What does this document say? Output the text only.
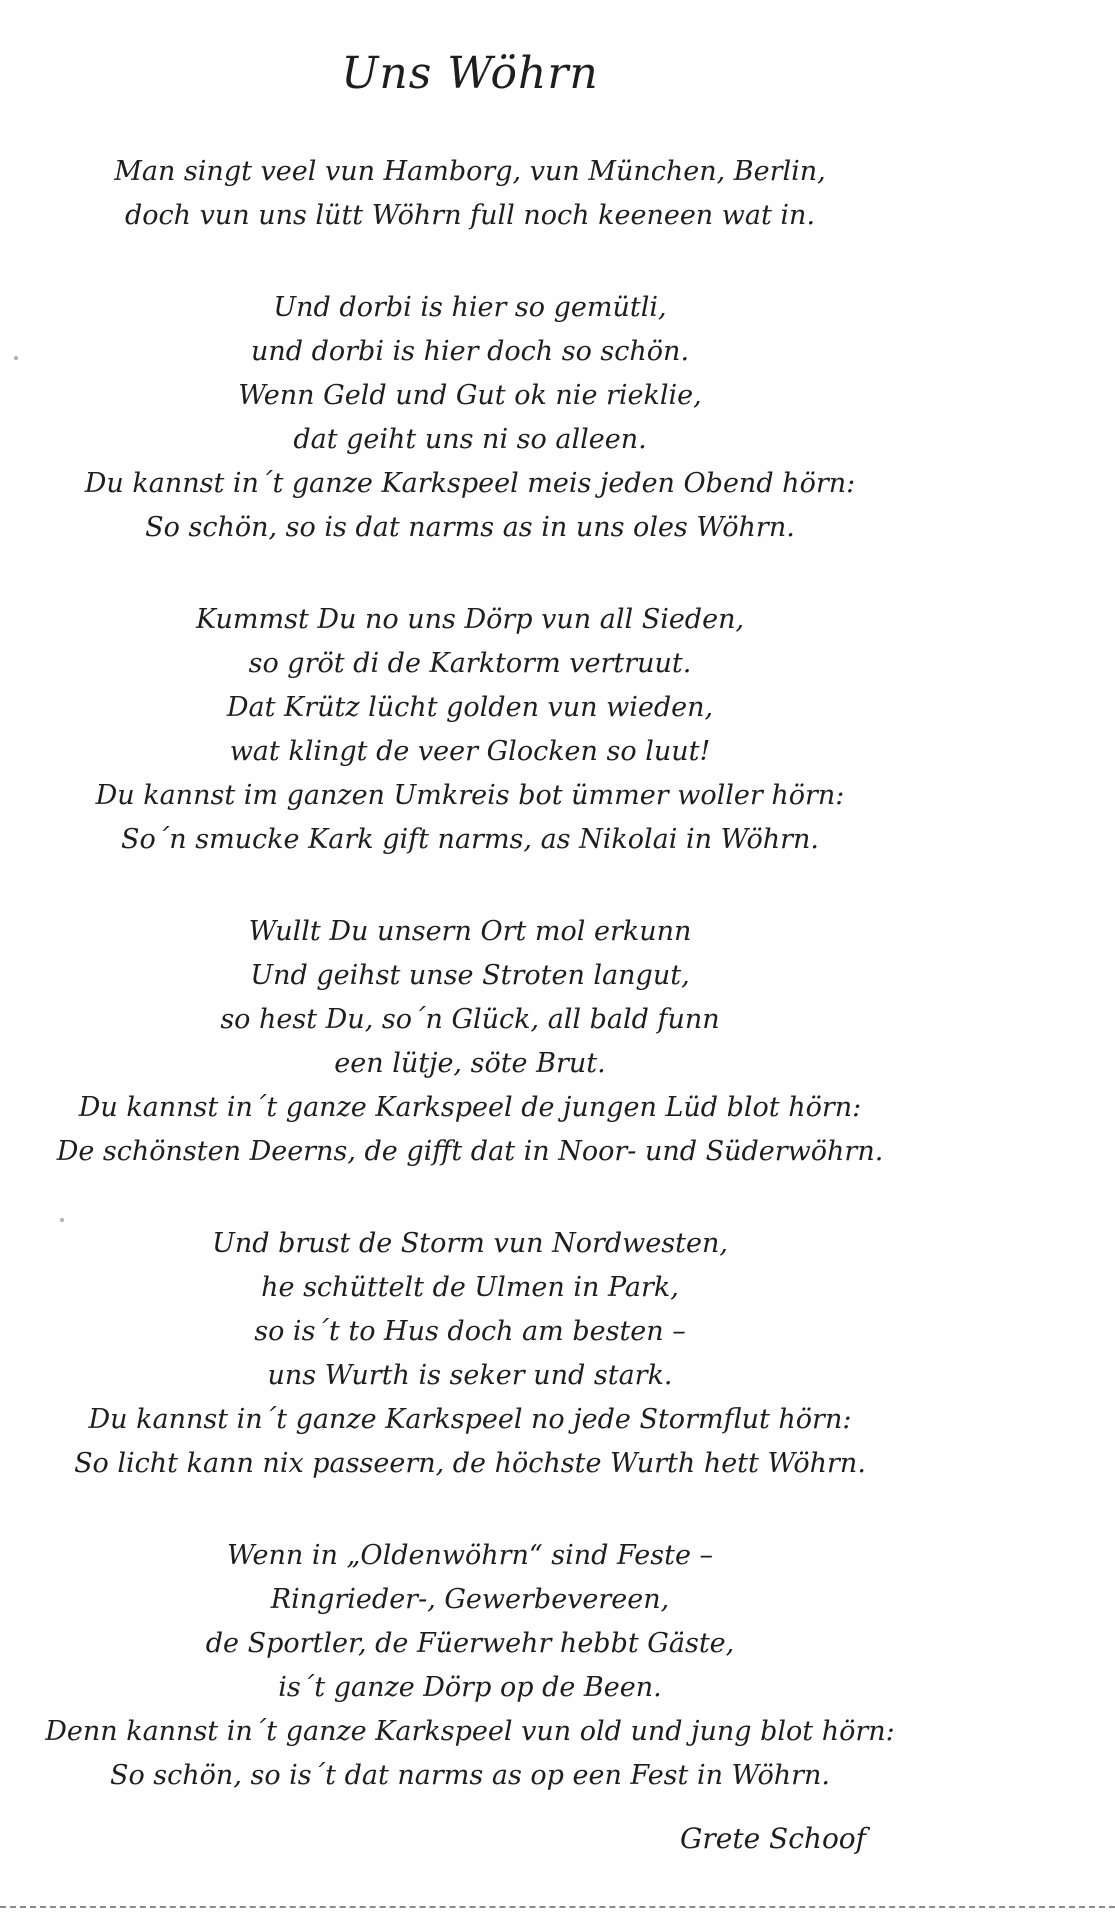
Uns Wöhrn
Man singt veel vun Hamborg, vun München, Berlin,
doch vun uns lütt Wöhrn full noch keeneen wat in.
Und dorbi is hier so gemütli,
und dorbi is hier doch so schön.
Wenn Geld und Gut ok nie rieklie,
dat geiht uns ni so alleen.
Du kannst in´t ganze Karkspeel meis jeden Obend hörn:
So schön, so is dat narms as in uns oles Wöhrn.
Kummst Du no uns Dörp vun all Sieden,
so gröt di de Karktorm vertruut.
Dat Krütz lücht golden vun wieden,
wat klingt de veer Glocken so luut!
Du kannst im ganzen Umkreis bot ümmer woller hörn:
So´n smucke Kark gift narms, as Nikolai in Wöhrn.
Wullt Du unsern Ort mol erkunn
Und geihst unse Stroten langut,
so hest Du, so´n Glück, all bald funn
een lütje, söte Brut.
Du kannst in´t ganze Karkspeel de jungen Lüd blot hörn:
De schönsten Deerns, de gifft dat in Noor- und Süderwöhrn.
Und brust de Storm vun Nordwesten,
he schüttelt de Ulmen in Park,
so is´t to Hus doch am besten –
uns Wurth is seker und stark.
Du kannst in´t ganze Karkspeel no jede Stormflut hörn:
So licht kann nix passeern, de höchste Wurth hett Wöhrn.
Wenn in „Oldenwöhrn“ sind Feste –
Ringrieder-, Gewerbevereen,
de Sportler, de Füerwehr hebbt Gäste,
is´t ganze Dörp op de Been.
Denn kannst in´t ganze Karkspeel vun old und jung blot hörn:
So schön, so is´t dat narms as op een Fest in Wöhrn.
Grete Schoof
